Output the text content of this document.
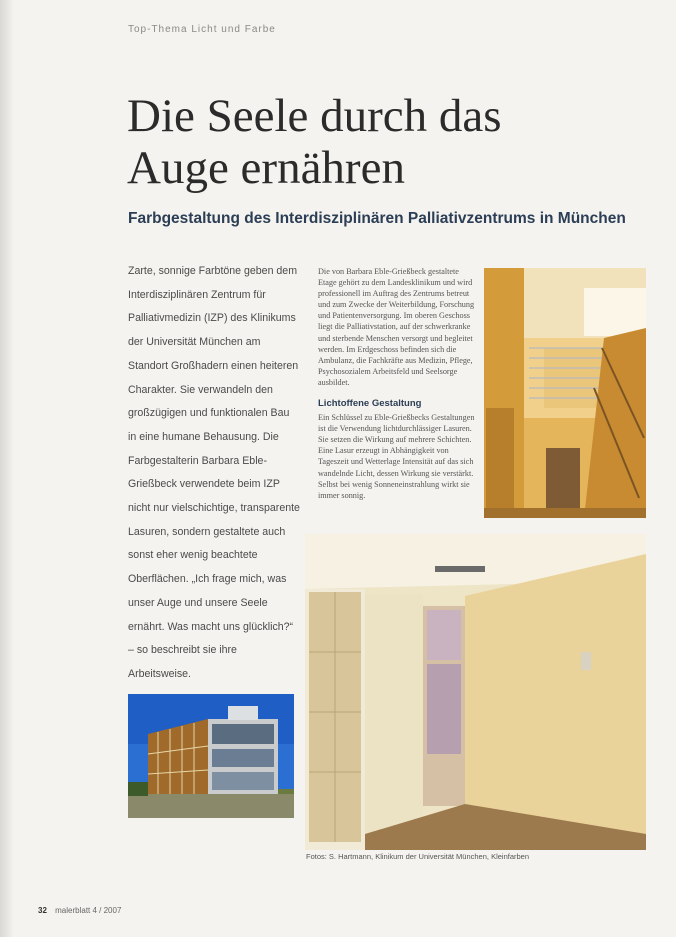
Top-Thema Licht und Farbe
Die Seele durch das Auge ernähren
Farbgestaltung des Interdisziplinären Palliativzentrums in München
Zarte, sonnige Farbtöne geben dem Interdisziplinären Zentrum für Palliativmedizin (IZP) des Klinikums der Universität München am Standort Großhadern einen heiteren Charakter. Sie verwandeln den großzügigen und funktionalen Bau in eine humane Behausung. Die Farbgestalterin Barbara Eble-Grießbeck verwendete beim IZP nicht nur vielschichtige, transparente Lasuren, sondern gestaltete auch sonst eher wenig beachtete Oberflächen. „Ich frage mich, was unser Auge und unsere Seele ernährt. Was macht uns glücklich?“ – so beschreibt sie ihre Arbeitsweise.

Die von Barbara Eble-Grießbeck gestaltete Etage gehört zu dem Landesklinikum und wird professionell im Auftrag des Zentrums betreut und zum Zwecke der Weiterbildung, Forschung und Patientenversorgung. Im oberen Geschoss liegt die Palliativstation, auf der schwerkranke und sterbende Menschen versorgt und begleitet werden. Im Erdgeschoss befinden sich die Ambulanz, die Fachkräfte aus Medizin, Pflege, Psychosozialem Arbeitsfeld und Seelsorge ausbildet.

Lichtoffene Gestaltung

Ein Schlüssel zu Eble-Grießbecks Gestaltungen ist die Verwendung lichtdurchlässiger Lasuren. Sie setzen die Wirkung auf mehrere Schichten. Eine Lasur erzeugt in Abhängigkeit von Tageszeit und Wetterlage Intensität auf das sich wandelnde Licht, dessen Wirkung sie verstärkt. Selbst bei wenig Sonneneinstrahlung wirkt sie immer sonnig.

Fotos: S. Hartmann, Klinikum der Universität München, Kleinfarben
32 malerblatt 4 / 2007
